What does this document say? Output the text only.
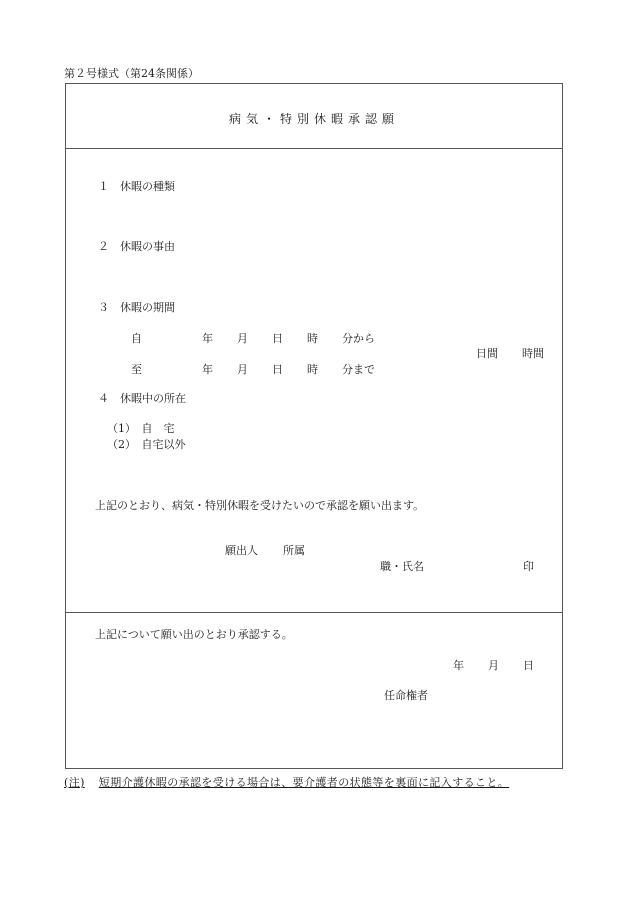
第２号様式（第24条関係）
病気・特別休暇承認願
１　休暇の種類
２　休暇の事由
３　休暇の期間
自	年 月 日 時 分から
日間 時間
至	年 月 日 時 分まで
４　休暇中の所在
（1）　自　宅
（2）　自宅以外
上記のとおり、病気・特別休暇を受けたいので承認を願い出ます。
願出人 所属
職・氏名	印
上記について願い出のとおり承認する。
年 月 日
任命権者
(注) 短期介護休暇の承認を受ける場合は、要介護者の状態等を裏面に記入すること。
